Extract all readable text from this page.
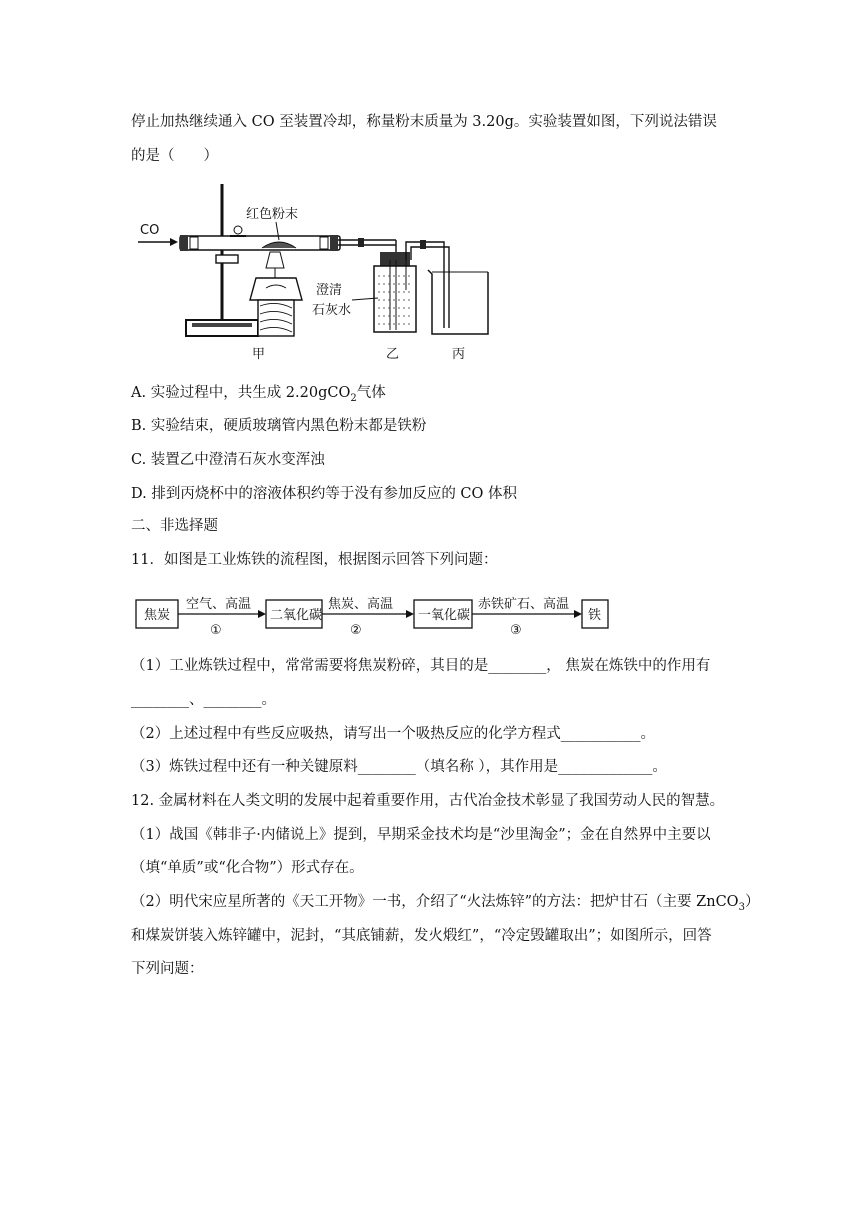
停止加热继续通入 CO 至装置冷却，称量粉末质量为 3.20g。实验装置如图，下列说法错误
的是（　　）
CO
红色粉末
澄清
石灰水
甲	乙	丙
A. 实验过程中，共生成 2.20gCO$_2$气体
B. 实验结束，硬质玻璃管内黑色粉末都是铁粉
C. 装置乙中澄清石灰水变浑浊
D. 排到丙烧杯中的溶液体积约等于没有参加反应的 CO 体积
二、非选择题
11．如图是工业炼铁的流程图，根据图示回答下列问题：
焦炭
空气、高温
①
二氧化碳
焦炭、高温
②
一氧化碳
赤铁矿石、高温
③
铁
（1）工业炼铁过程中，常常需要将焦炭粉碎，其目的是________， 焦炭在炼铁中的作用有
________、________。
（2）上述过程中有些反应吸热，请写出一个吸热反应的化学方程式___________。
（3）炼铁过程中还有一种关键原料________（填名称 ），其作用是_____________。
12. 金属材料在人类文明的发展中起着重要作用，古代冶金技术彰显了我国劳动人民的智慧。
（1）战国《韩非子·内储说上》提到，早期采金技术均是“沙里淘金”；金在自然界中主要以
（填“单质”或“化合物”）形式存在。
（2）明代宋应星所著的《天工开物》一书，介绍了“火法炼锌”的方法：把炉甘石（主要 ZnCO$_3$）
和煤炭饼装入炼锌罐中，泥封，“其底铺薪，发火煅红”，“冷定毁罐取出”；如图所示，回答
下列问题：
